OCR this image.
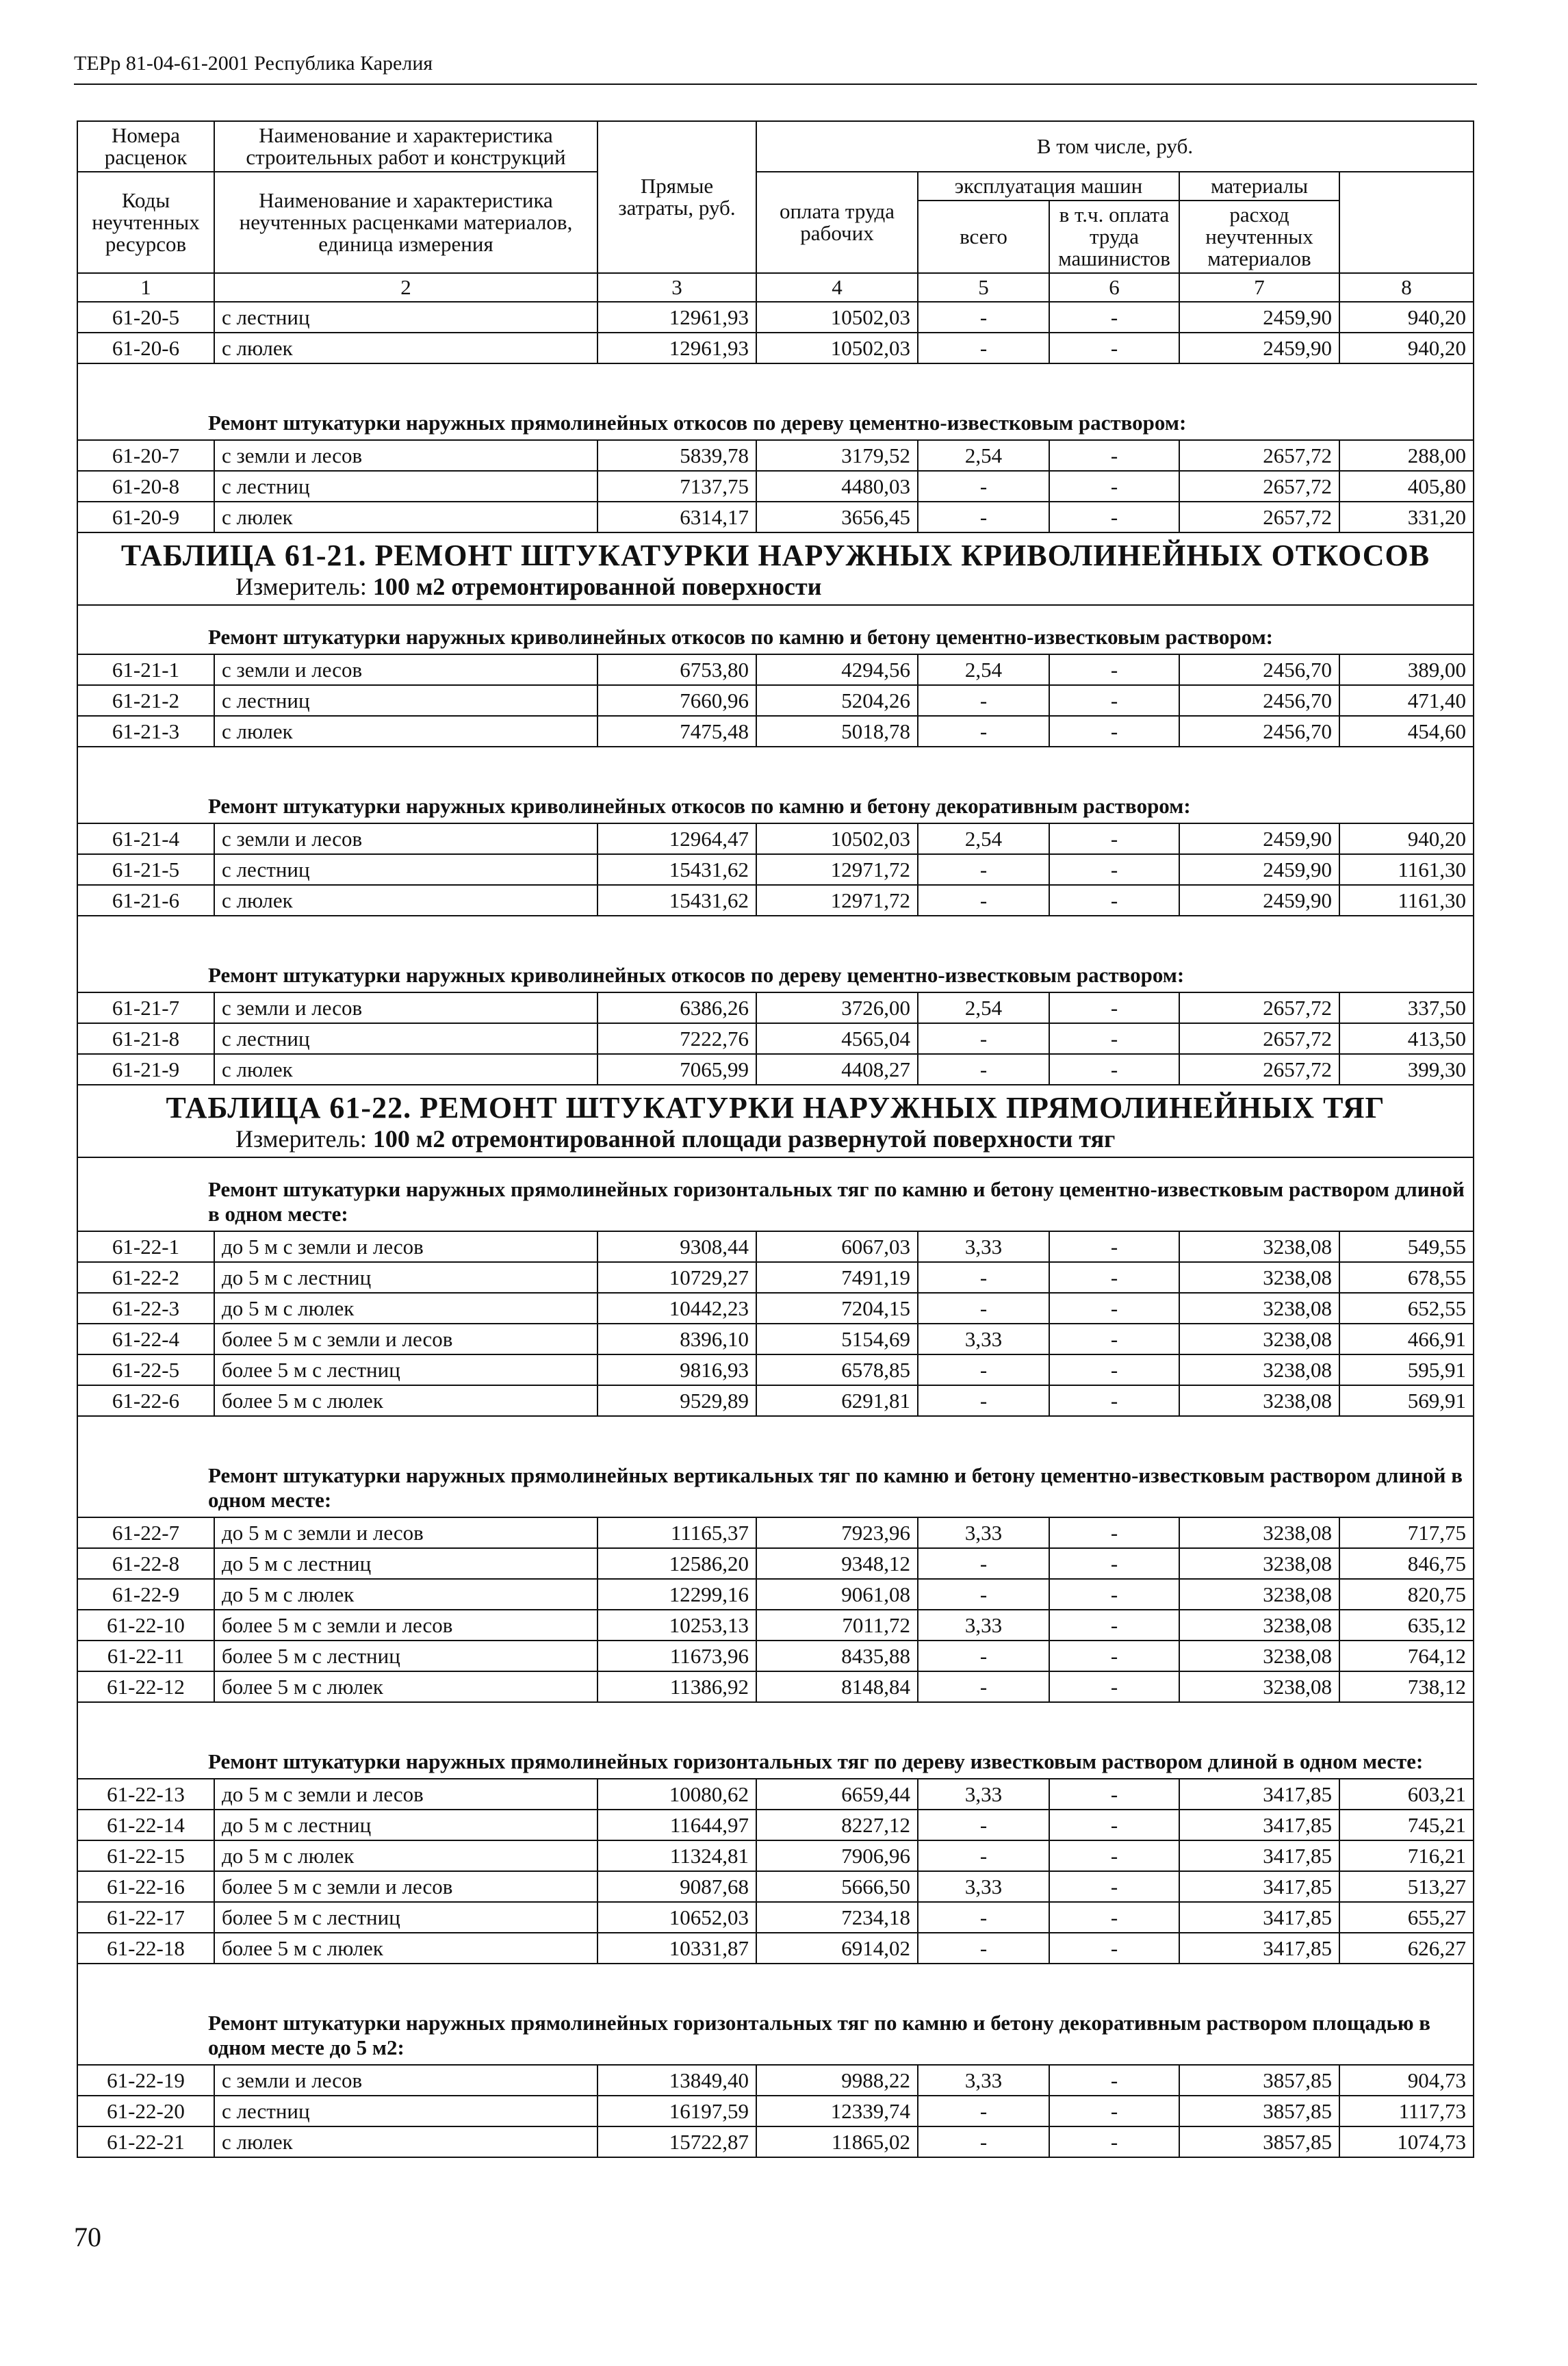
ТЕРр 81-04-61-2001 Республика Карелия
Номера расценок	Наименование и характеристика строительных работ и конструкций	Прямые затраты, руб.	В том числе, руб.	
Коды неучтенных ресурсов	Наименование и характеристика неучтенных расценками материалов, единица измерения		оплата труда рабочих	эксплуатация машин		материалы		
				всего	в т.ч. оплата труда машинистов	расход неучтенных материалов		
1	2	3	4	5	6	7	8	
61-20-5	с лестниц	12961,93	10502,03	-	-	2459,90	940,20	
61-20-6	с люлек	12961,93	10502,03	-	-	2459,90	940,20	

Ремонт штукатурки наружных прямолинейных откосов по дереву цементно-известковым раствором:								
61-20-7	с земли и лесов	5839,78	3179,52	2,54	-	2657,72	288,00	
61-20-8	с лестниц	7137,75	4480,03	-	-	2657,72	405,80	
61-20-9	с люлек	6314,17	3656,45	-	-	2657,72	331,20	
ТАБЛИЦА 61-21. РЕМОНТ ШТУКАТУРКИ НАРУЖНЫХ КРИВОЛИНЕЙНЫХ ОТКОСОВ								
Измеритель: 100 м2 отремонтированной поверхности								
Ремонт штукатурки наружных криволинейных откосов по камню и бетону цементно-известковым раствором:								
61-21-1	с земли и лесов	6753,80	4294,56	2,54	-	2456,70	389,00	
61-21-2	с лестниц	7660,96	5204,26	-	-	2456,70	471,40	
61-21-3	с люлек	7475,48	5018,78	-	-	2456,70	454,60	

Ремонт штукатурки наружных криволинейных откосов по камню и бетону декоративным раствором:								
61-21-4	с земли и лесов	12964,47	10502,03	2,54	-	2459,90	940,20	
61-21-5	с лестниц	15431,62	12971,72	-	-	2459,90	1161,30	
61-21-6	с люлек	15431,62	12971,72	-	-	2459,90	1161,30	

Ремонт штукатурки наружных криволинейных откосов по дереву цементно-известковым раствором:								
61-21-7	с земли и лесов	6386,26	3726,00	2,54	-	2657,72	337,50	
61-21-8	с лестниц	7222,76	4565,04	-	-	2657,72	413,50	
61-21-9	с люлек	7065,99	4408,27	-	-	2657,72	399,30	
ТАБЛИЦА 61-22. РЕМОНТ ШТУКАТУРКИ НАРУЖНЫХ ПРЯМОЛИНЕЙНЫХ ТЯГ								
Измеритель: 100 м2 отремонтированной площади развернутой поверхности тяг								
Ремонт штукатурки наружных прямолинейных горизонтальных тяг по камню и бетону цементно-известковым раствором длиной в одном месте:								
61-22-1	до 5 м с земли и лесов	9308,44	6067,03	3,33	-	3238,08	549,55	
61-22-2	до 5 м с лестниц	10729,27	7491,19	-	-	3238,08	678,55	
61-22-3	до 5 м с люлек	10442,23	7204,15	-	-	3238,08	652,55	
61-22-4	более 5 м с земли и лесов	8396,10	5154,69	3,33	-	3238,08	466,91	
61-22-5	более 5 м с лестниц	9816,93	6578,85	-	-	3238,08	595,91	
61-22-6	более 5 м с люлек	9529,89	6291,81	-	-	3238,08	569,91	

Ремонт штукатурки наружных прямолинейных вертикальных тяг по камню и бетону цементно-известковым раствором длиной в одном месте:								
61-22-7	до 5 м с земли и лесов	11165,37	7923,96	3,33	-	3238,08	717,75	
61-22-8	до 5 м с лестниц	12586,20	9348,12	-	-	3238,08	846,75	
61-22-9	до 5 м с люлек	12299,16	9061,08	-	-	3238,08	820,75	
61-22-10	более 5 м с земли и лесов	10253,13	7011,72	3,33	-	3238,08	635,12	
61-22-11	более 5 м с лестниц	11673,96	8435,88	-	-	3238,08	764,12	
61-22-12	более 5 м с люлек	11386,92	8148,84	-	-	3238,08	738,12	

Ремонт штукатурки наружных прямолинейных горизонтальных тяг по дереву известковым раствором длиной в одном месте:								
61-22-13	до 5 м с земли и лесов	10080,62	6659,44	3,33	-	3417,85	603,21	
61-22-14	до 5 м с лестниц	11644,97	8227,12	-	-	3417,85	745,21	
61-22-15	до 5 м с люлек	11324,81	7906,96	-	-	3417,85	716,21	
61-22-16	более 5 м с земли и лесов	9087,68	5666,50	3,33	-	3417,85	513,27	
61-22-17	более 5 м с лестниц	10652,03	7234,18	-	-	3417,85	655,27	
61-22-18	более 5 м с люлек	10331,87	6914,02	-	-	3417,85	626,27	

Ремонт штукатурки наружных прямолинейных горизонтальных тяг по камню и бетону декоративным раствором площадью в одном месте до 5 м2:								
61-22-19	с земли и лесов	13849,40	9988,22	3,33	-	3857,85	904,73	
61-22-20	с лестниц	16197,59	12339,74	-	-	3857,85	1117,73	
61-22-21	с люлек	15722,87	11865,02	-	-	3857,85	1074,73	
70
